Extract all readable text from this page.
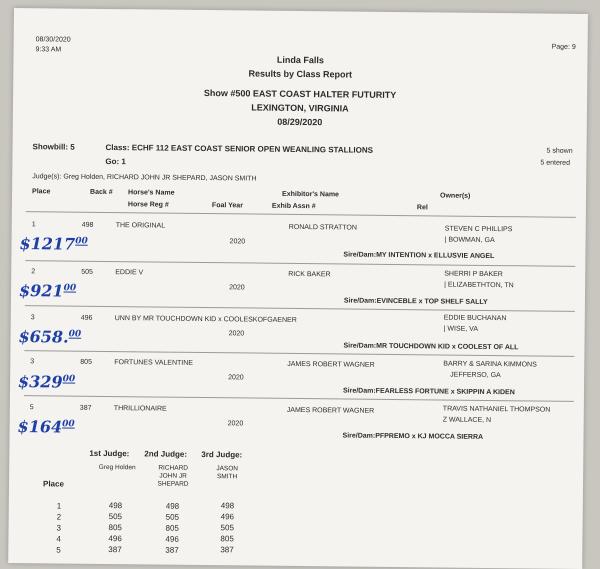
08/30/2020
9:33 AM	Page: 9
Linda Falls
Results by Class Report
Show #500 EAST COAST HALTER FUTURITY
LEXINGTON, VIRGINIA
08/29/2020
Showbill: 5	Class: ECHF 112 EAST COAST SENIOR OPEN WEANLING STALLIONS
Go: 1
5 shown
5 entered
Judge(s): Greg Holden, RICHARD JOHN JR SHEPARD, JASON SMITH
Place	Back # Horse's Name
Horse Reg #	Foal Year
Exhibitor's Name
Exhib Assn #	Rel
Owner(s)
1	498	THE ORIGINAL
2020
RONALD STRATTON	STEVEN C PHILLIPS
| BOWMAN, GA
Sire/Dam:MY INTENTION x ELLUSVIE ANGEL
$1217$^{00}$
2	505	EDDIE V
2020
RICK BAKER	SHERRI P BAKER
| ELIZABETHTON, TN
Sire/Dam:EVINCEBLE x TOP SHELF SALLY
$\$921^{00}$
3	496	UNN BY MR TOUCHDOWN KID x COOLESKOFGAENER
2020
EDDIE BUCHANAN
| WISE, VA
Sire/Dam:MR TOUCHDOWN KID x COOLEST OF ALL
$658.00
3	805	FORTUNES VALENTINE
2020
JAMES ROBERT WAGNER	BARRY & SARINA KIMMONS
JEFFERSO, GA
Sire/Dam:FEARLESS FORTUNE x SKIPPIN A KIDEN
$\$329^{00}$
5	387	THRILLIONAIRE
2020
JAMES ROBERT WAGNER	TRAVIS NATHANIEL THOMPSON
Z WALLACE, N
Sire/Dam:PFPREMO x KJ MOCCA SIERRA
$\$164^{00}$
1st Judge: 2nd Judge: 3rd Judge:
Greg Holden	RICHARD JOHN JR SHEPARD
JASON SMITH
Place
1	498	498	498
2	505	505	496
3	805	805	505
4	496	496	805
5	387	387	387
